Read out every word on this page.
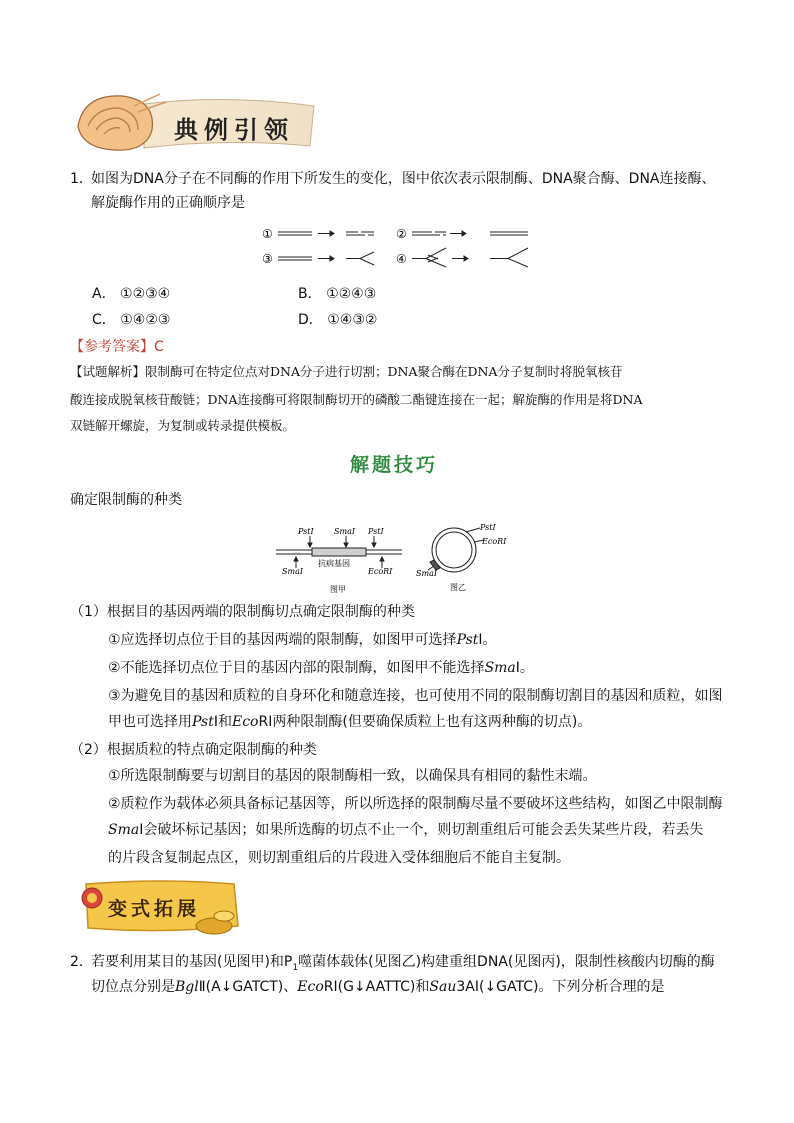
典例引领
1．
如图为DNA分子在不同酶的作用下所发生的变化，图中依次表示限制酶、DNA聚合酶、DNA连接酶、
解旋酶作用的正确顺序是
①	②
③	④
A． ①②③④	B． ①②④③
C． ①④②③	D． ①④③②
【参考答案】C
【试题解析】限制酶可在特定位点对DNA分子进行切割；DNA聚合酶在DNA分子复制时将脱氧核苷
酸连接成脱氧核苷酸链；DNA连接酶可将限制酶切开的磷酸二酯键连接在一起；解旋酶的作用是将DNA
双链解开螺旋，为复制或转录提供模板。
解题技巧
确定限制酶的种类
PstⅠ	SmaⅠ PstⅠ
SmaⅠ
抗病基因
EcoRⅠ
图甲
PstⅠ
EcoRⅠ
SmaⅠ
图乙
（1）根据目的基因两端的限制酶切点确定限制酶的种类
①应选择切点位于目的基因两端的限制酶，如图甲可选择PstⅠ。
②不能选择切点位于目的基因内部的限制酶，如图甲不能选择SmaⅠ。
③为避免目的基因和质粒的自身环化和随意连接，也可使用不同的限制酶切割目的基因和质粒，如图
甲也可选择用PstⅠ和EcoRⅠ两种限制酶(但要确保质粒上也有这两种酶的切点)。
（2）根据质粒的特点确定限制酶的种类
①所选限制酶要与切割目的基因的限制酶相一致，以确保具有相同的黏性末端。
②质粒作为载体必须具备标记基因等，所以所选择的限制酶尽量不要破坏这些结构，如图乙中限制酶
SmaⅠ会破坏标记基因；如果所选酶的切点不止一个，则切割重组后可能会丢失某些片段，若丢失
的片段含复制起点区，则切割重组后的片段进入受体细胞后不能自主复制。
变式拓展
2．
若要利用某目的基因(见图甲)和$P_1$噬菌体载体(见图乙)构建重组DNA(见图丙)，限制性核酸内切酶的酶
切位点分别是BglⅡ(A↓GATCT)、EcoRⅠ(G↓AATTC)和Sau3AⅠ(↓GATC)。下列分析合理的是
